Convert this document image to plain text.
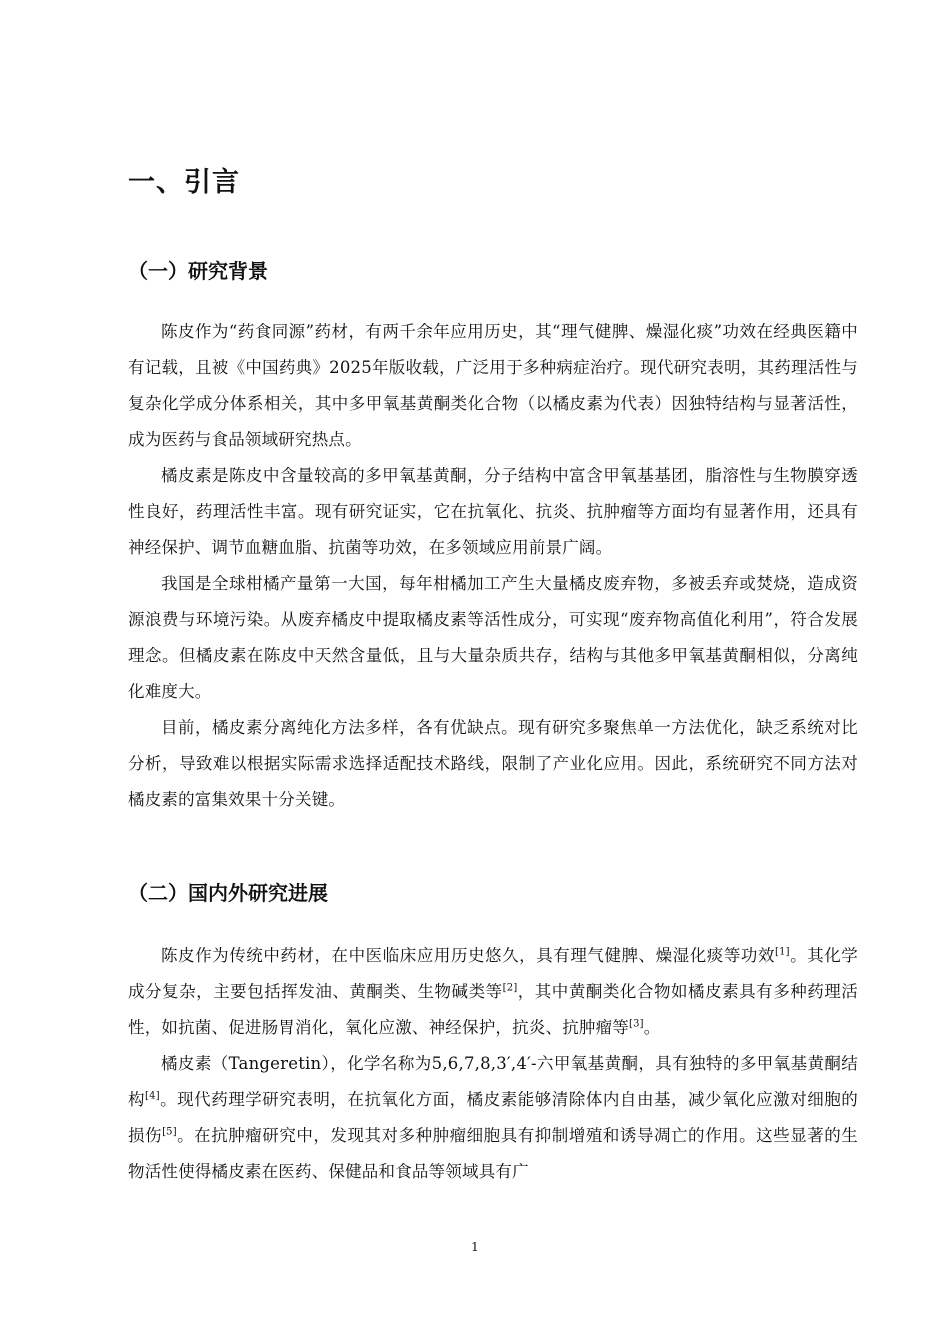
一、引言
（一）研究背景

陈皮作为“药食同源”药材，有两千余年应用历史，其“理气健脾、燥湿化痰”功效在经典医籍中有记载，且被《中国药典》2025年版收载，广泛用于多种病症治疗。现代研究表明，其药理活性与复杂化学成分体系相关，其中多甲氧基黄酮类化合物（以橘皮素为代表）因独特结构与显著活性，成为医药与食品领域研究热点。

橘皮素是陈皮中含量较高的多甲氧基黄酮，分子结构中富含甲氧基基团，脂溶性与生物膜穿透性良好，药理活性丰富。现有研究证实，它在抗氧化、抗炎、抗肿瘤等方面均有显著作用，还具有神经保护、调节血糖血脂、抗菌等功效，在多领域应用前景广阔。

我国是全球柑橘产量第一大国，每年柑橘加工产生大量橘皮废弃物，多被丢弃或焚烧，造成资源浪费与环境污染。从废弃橘皮中提取橘皮素等活性成分，可实现“废弃物高值化利用”，符合发展理念。但橘皮素在陈皮中天然含量低，且与大量杂质共存，结构与其他多甲氧基黄酮相似，分离纯化难度大。

目前，橘皮素分离纯化方法多样，各有优缺点。现有研究多聚焦单一方法优化，缺乏系统对比分析，导致难以根据实际需求选择适配技术路线，限制了产业化应用。因此，系统研究不同方法对橘皮素的富集效果十分关键。

（二）国内外研究进展

陈皮作为传统中药材，在中医临床应用历史悠久，具有理气健脾、燥湿化痰等功效[1]。其化学成分复杂，主要包括挥发油、黄酮类、生物碱类等[2]，其中黄酮类化合物如橘皮素具有多种药理活性，如抗菌、促进肠胃消化，氧化应激、神经保护，抗炎、抗肿瘤等[3]。

橘皮素（Tangeretin），化学名称为5,6,7,8,3′,4′-六甲氧基黄酮，具有独特的多甲氧基黄酮结构[4]。现代药理学研究表明，在抗氧化方面，橘皮素能够清除体内自由基，减少氧化应激对细胞的损伤[5]。在抗肿瘤研究中，发现其对多种肿瘤细胞具有抑制增殖和诱导凋亡的作用。这些显著的生物活性使得橘皮素在医药、保健品和食品等领域具有广

1
